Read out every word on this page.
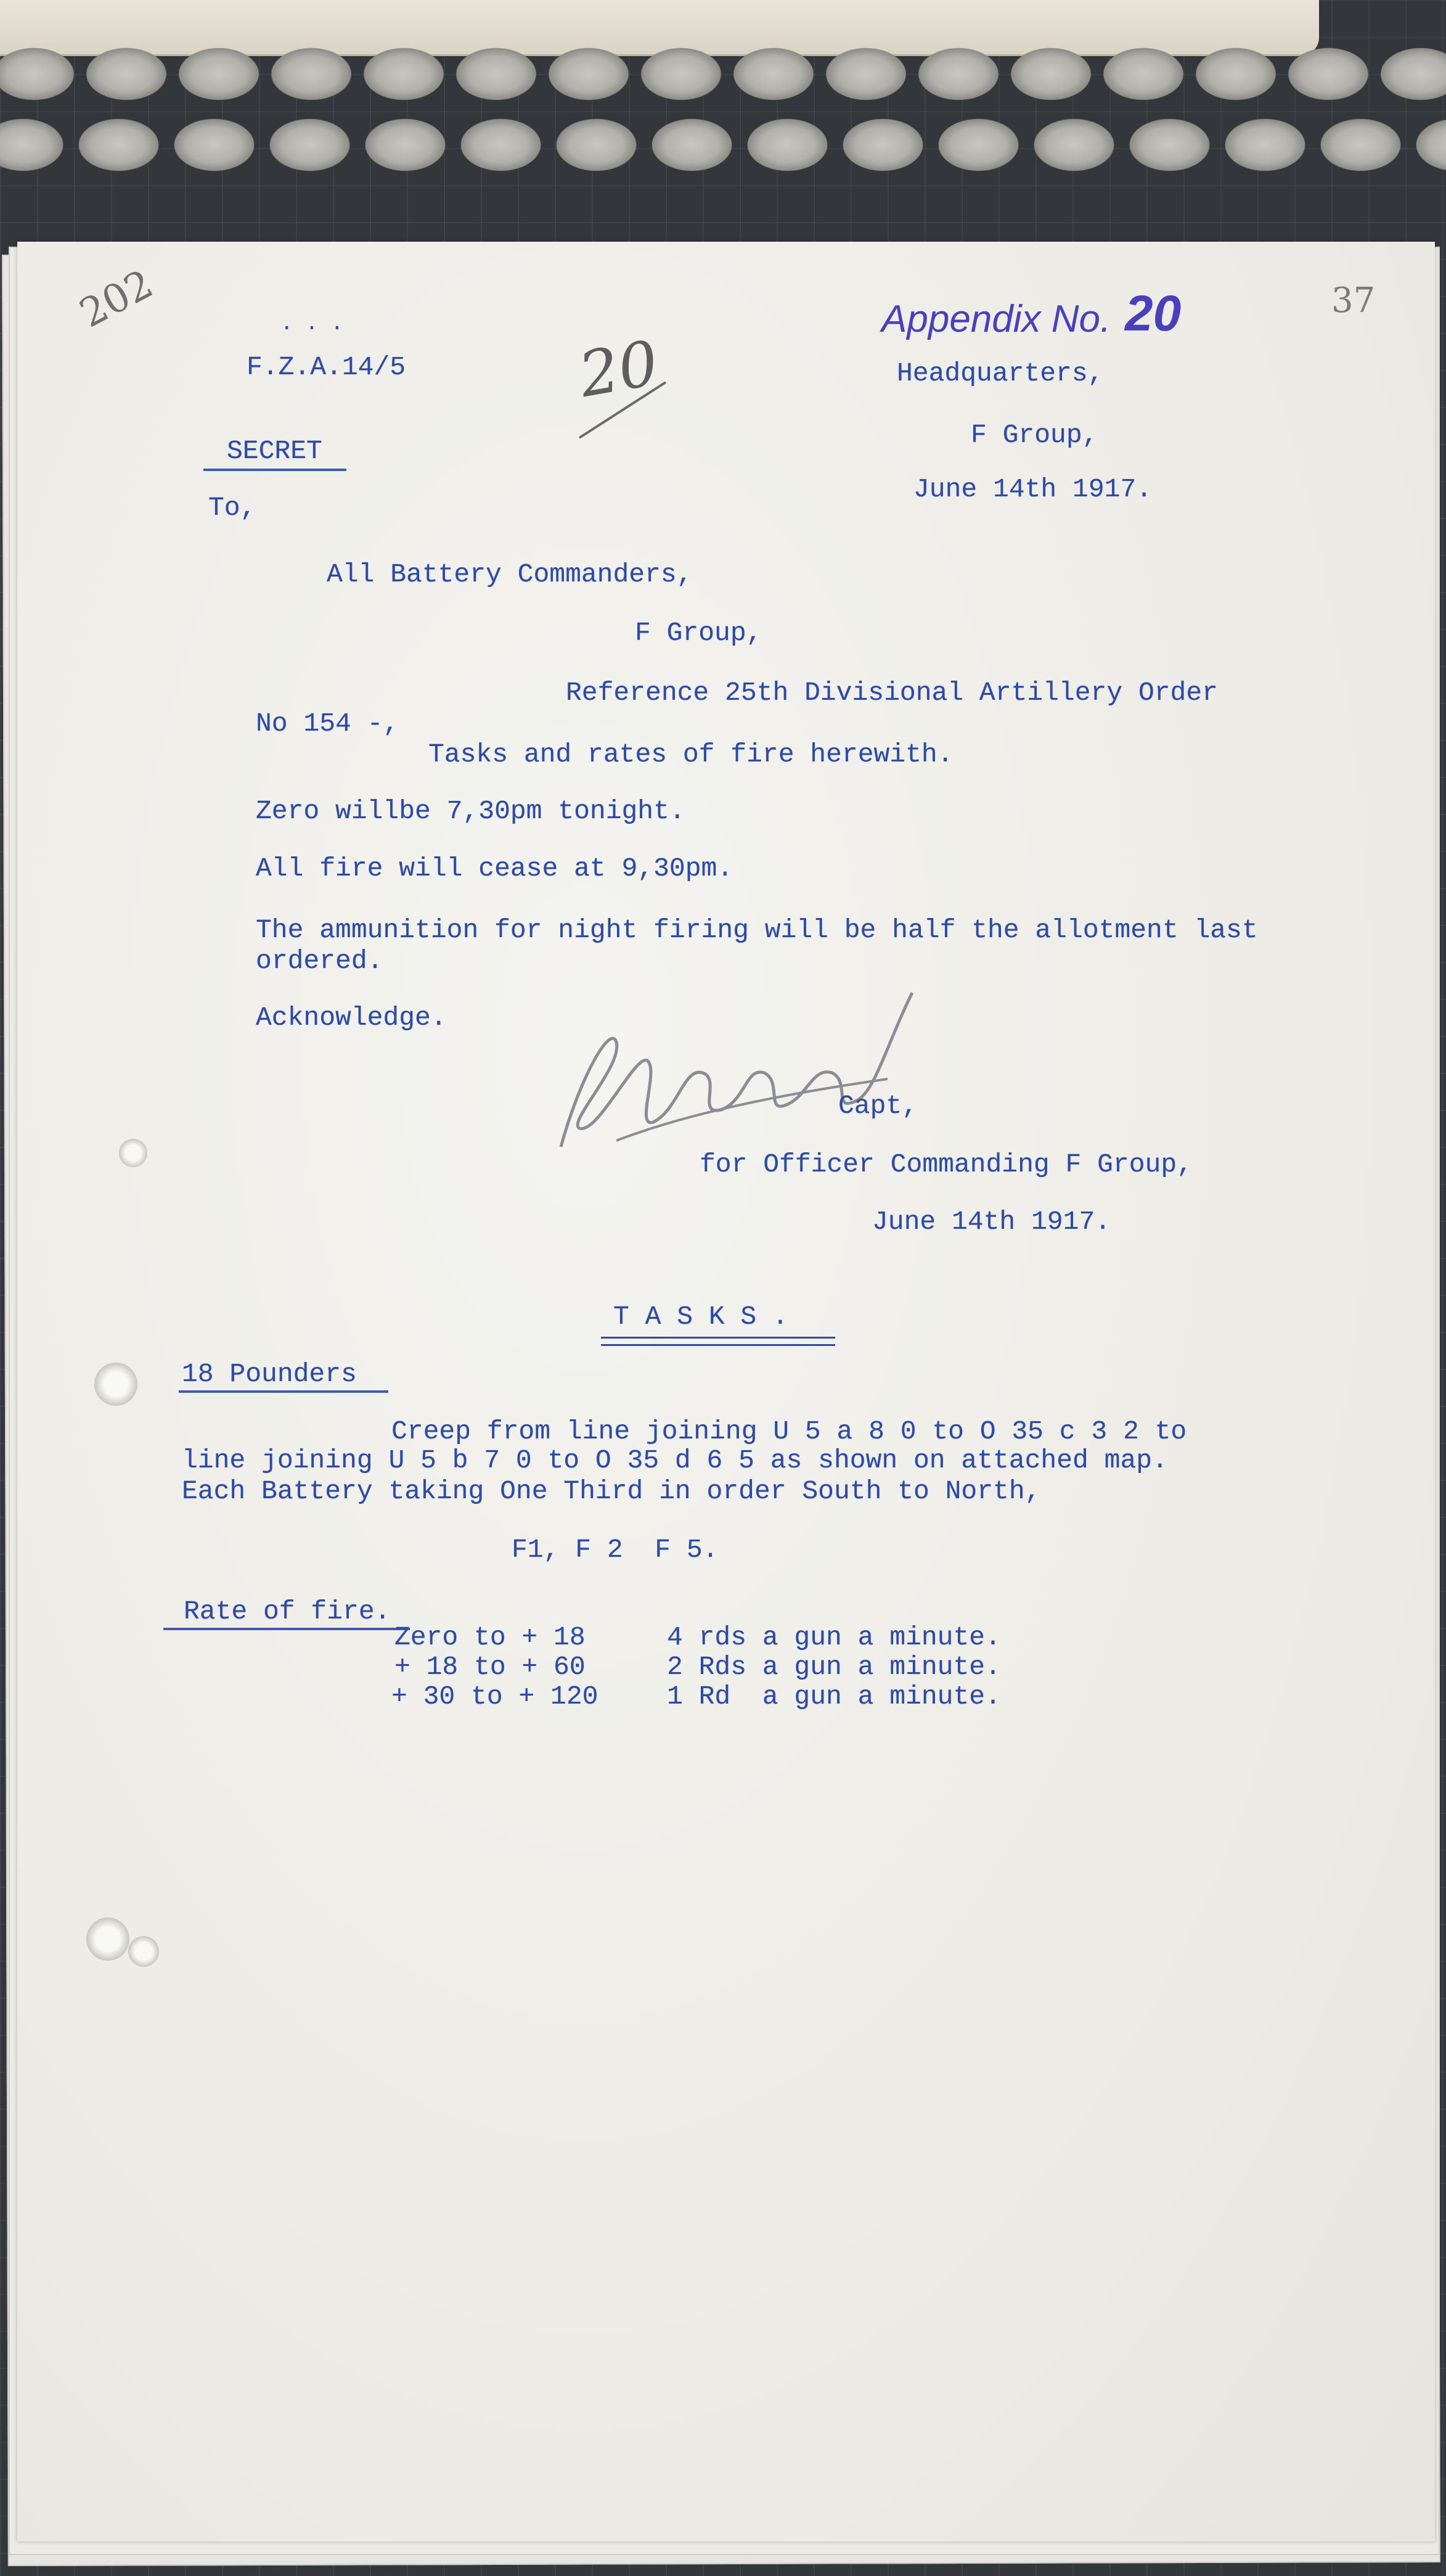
202	37
Appendix No. 20
20
. . .
F.Z.A.14/5	Headquarters,
F Group,
June 14th 1917.
SECRET
To,
All Battery Commanders,
F Group,
Reference 25th Divisional Artillery Order
No 154 -,
Tasks and rates of fire herewith.
Zero willbe 7,30pm tonight.
All fire will cease at 9,30pm.
The ammunition for night firing will be half the allotment last
ordered.
Acknowledge.
Capt,
for Officer Commanding F Group,
June 14th 1917.
T A S K S .
18 Pounders
Creep from line joining U 5 a 8 0 to O 35 c 3 2 to
line joining U 5 b 7 0 to O 35 d 6 5 as shown on attached map.
Each Battery taking One Third in order South to North,
F1, F 2  F 5.
Rate of fire.
Zero to + 18	4 rds a gun a minute.
+ 18 to + 60	2 Rds a gun a minute.
+ 30 to + 120	1 Rd  a gun a minute.
